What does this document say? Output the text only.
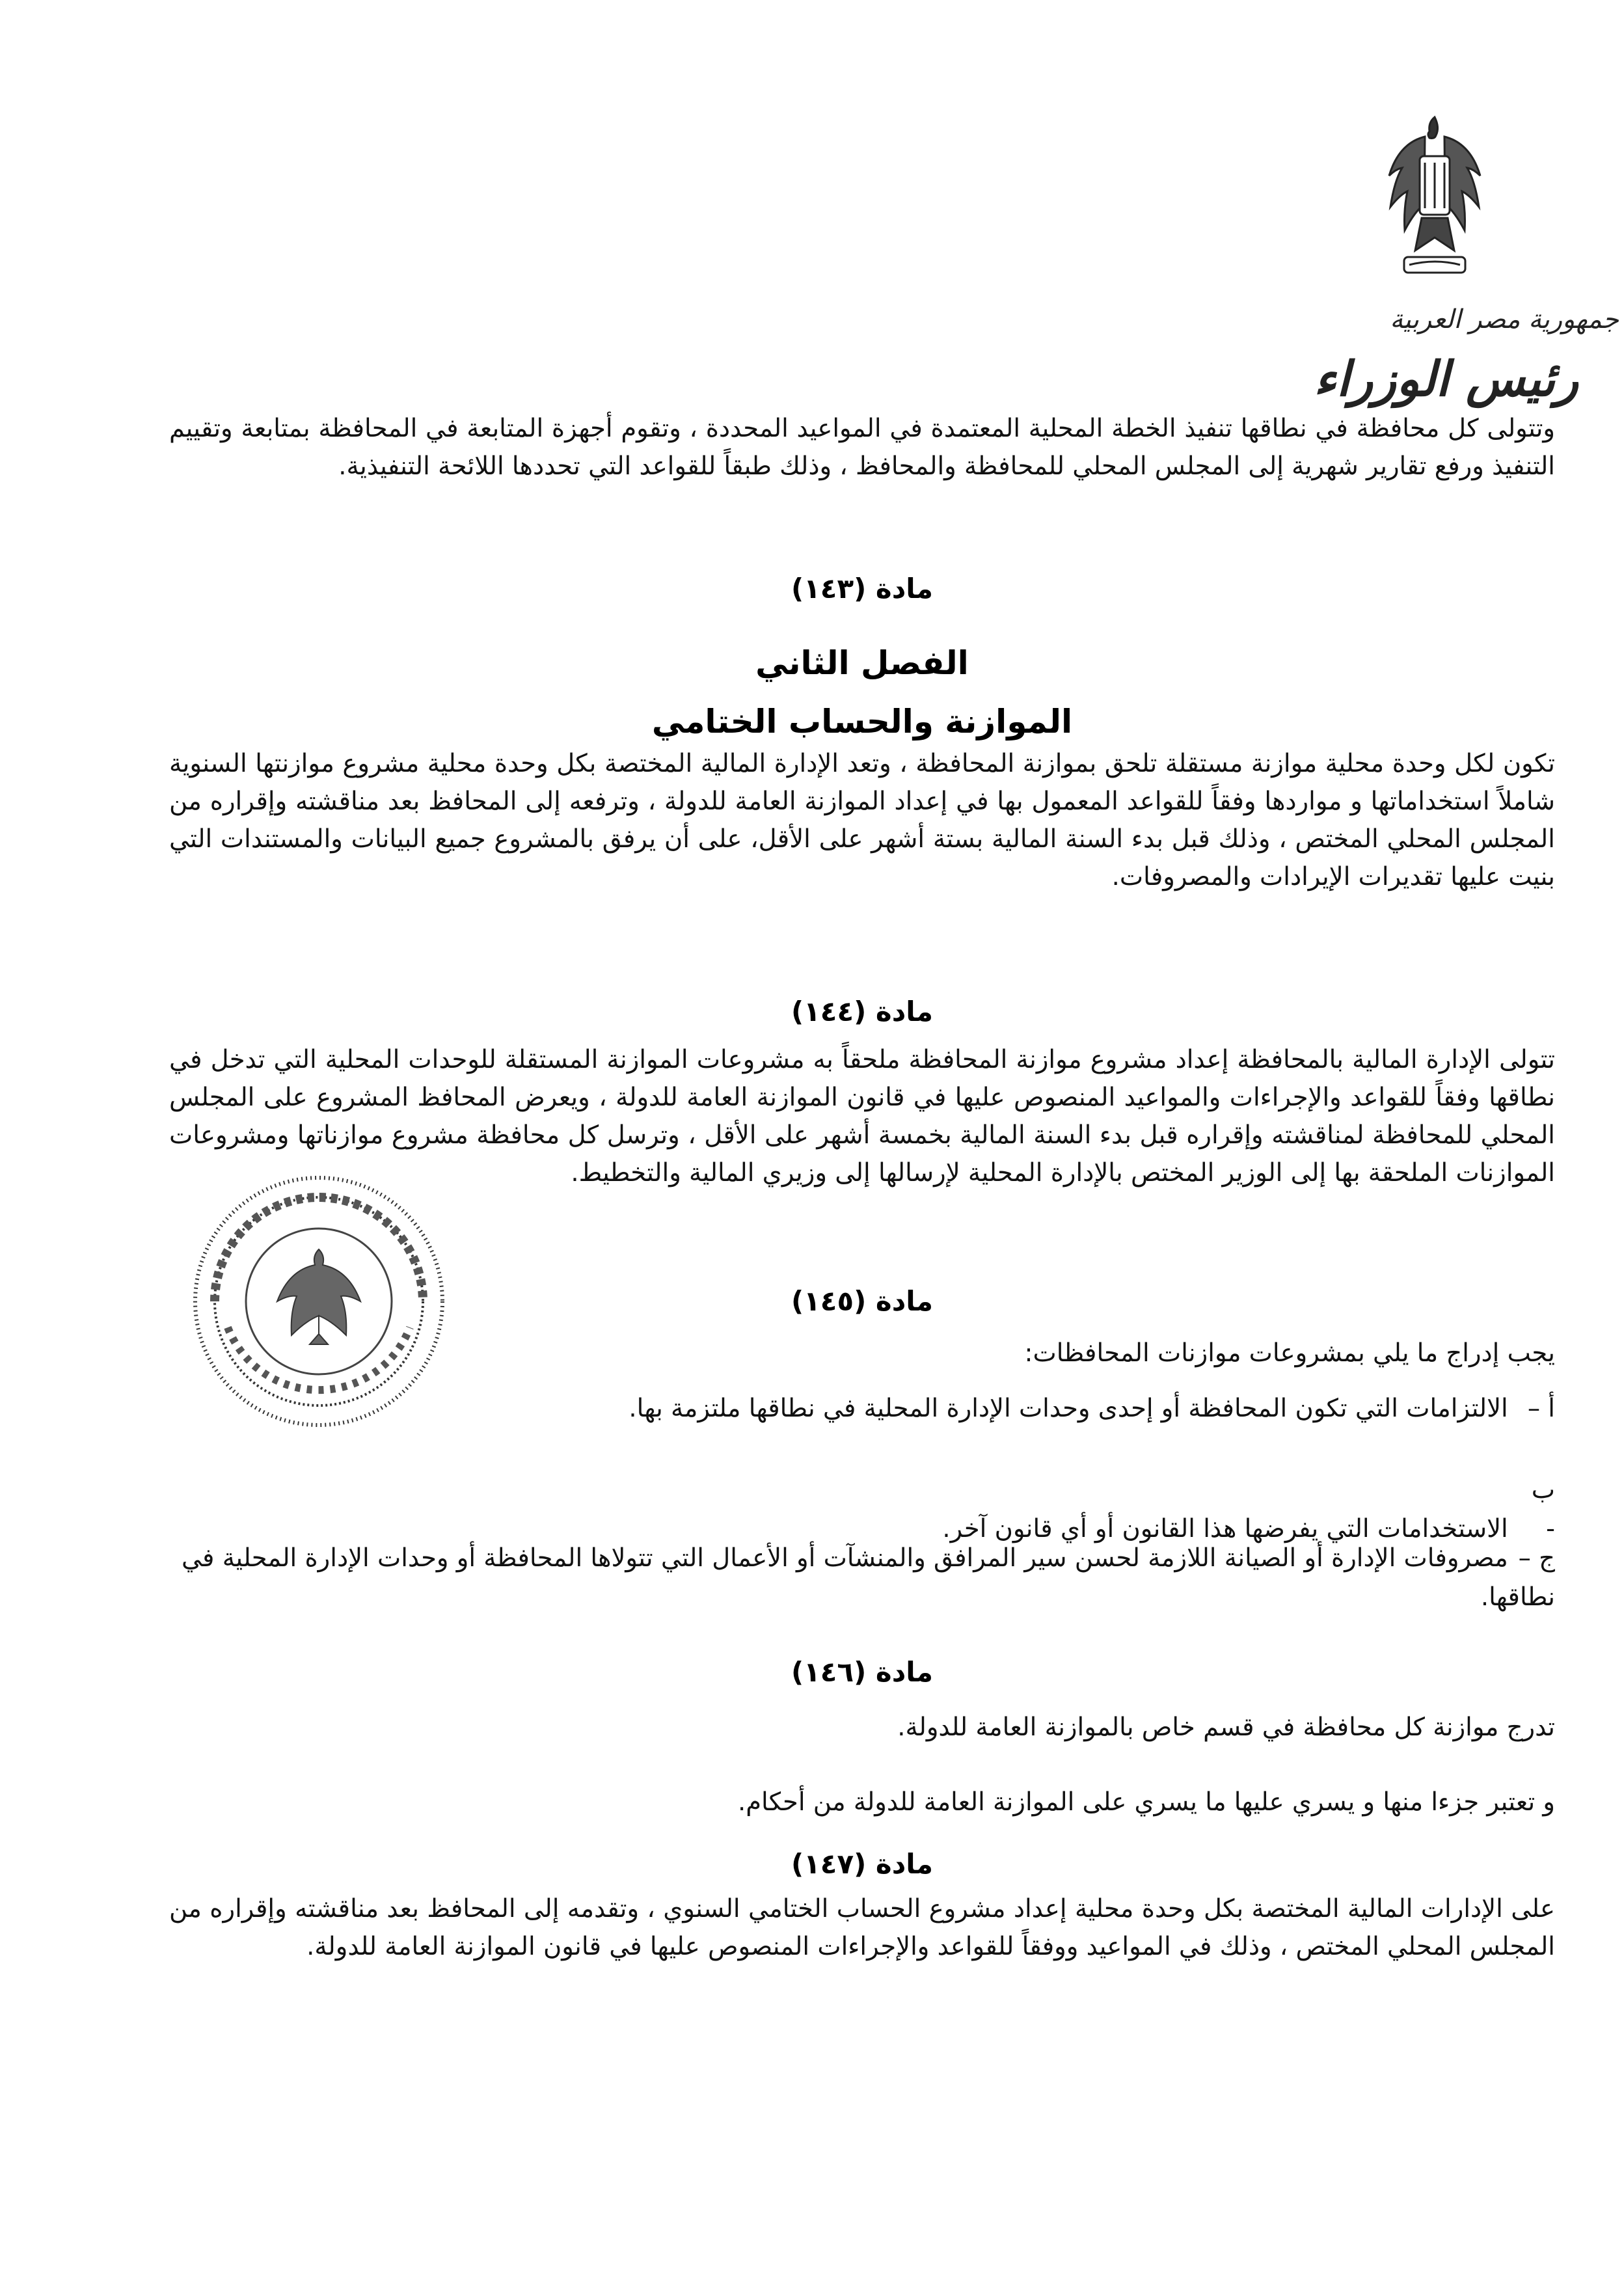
جمهورية مصر العربية
رئيس الوزراء
وتتولى كل محافظة في نطاقها تنفيذ الخطة المحلية المعتمدة في المواعيد المحددة ، وتقوم أجهزة المتابعة في المحافظة بمتابعة وتقييم التنفيذ ورفع تقارير شهرية إلى المجلس المحلي للمحافظة والمحافظ ، وذلك طبقاً للقواعد التي تحددها اللائحة التنفيذية.
مادة (١٤٣)
الفصل الثاني
الموازنة والحساب الختامي
تكون لكل وحدة محلية موازنة مستقلة تلحق بموازنة المحافظة ، وتعد الإدارة المالية المختصة بكل وحدة محلية مشروع موازنتها السنوية شاملاً استخداماتها و مواردها وفقاً للقواعد المعمول بها في إعداد الموازنة العامة للدولة ، وترفعه إلى المحافظ بعد مناقشته وإقراره من المجلس المحلي المختص ، وذلك قبل بدء السنة المالية بستة أشهر على الأقل، على أن يرفق بالمشروع جميع البيانات والمستندات التي بنيت عليها تقديرات الإيرادات والمصروفات.
مادة (١٤٤)
تتولى الإدارة المالية بالمحافظة إعداد مشروع موازنة المحافظة ملحقاً به مشروعات الموازنة المستقلة للوحدات المحلية التي تدخل في نطاقها وفقاً للقواعد والإجراءات والمواعيد المنصوص عليها في قانون الموازنة العامة للدولة ، ويعرض المحافظ المشروع على المجلس المحلي للمحافظة لمناقشته وإقراره قبل بدء السنة المالية بخمسة أشهر على الأقل ، وترسل كل محافظة مشروع موازناتها ومشروعات الموازنات الملحقة بها إلى الوزير المختص بالإدارة المحلية لإرسالها إلى وزيري المالية والتخطيط.
مادة (١٤٥)
يجب إدراج ما يلي بمشروعات موازنات المحافظات:
أ – الالتزامات التي تكون المحافظة أو إحدى وحدات الإدارة المحلية في نطاقها ملتزمة بها.
ب - الاستخدامات التي يفرضها هذا القانون أو أي قانون آخر.
ج – مصروفات الإدارة أو الصيانة اللازمة لحسن سير المرافق والمنشآت أو الأعمال التي تتولاها المحافظة أو وحدات الإدارة المحلية في نطاقها.
مادة (١٤٦)
تدرج موازنة كل محافظة في قسم خاص بالموازنة العامة للدولة.
و تعتبر جزءا منها و يسري عليها ما يسري على الموازنة العامة للدولة من أحكام.
مادة (١٤٧)
على الإدارات المالية المختصة بكل وحدة محلية إعداد مشروع الحساب الختامي السنوي ، وتقدمه إلى المحافظ بعد مناقشته وإقراره من المجلس المحلي المختص ، وذلك في المواعيد ووفقاً للقواعد والإجراءات المنصوص عليها في قانون الموازنة العامة للدولة.
